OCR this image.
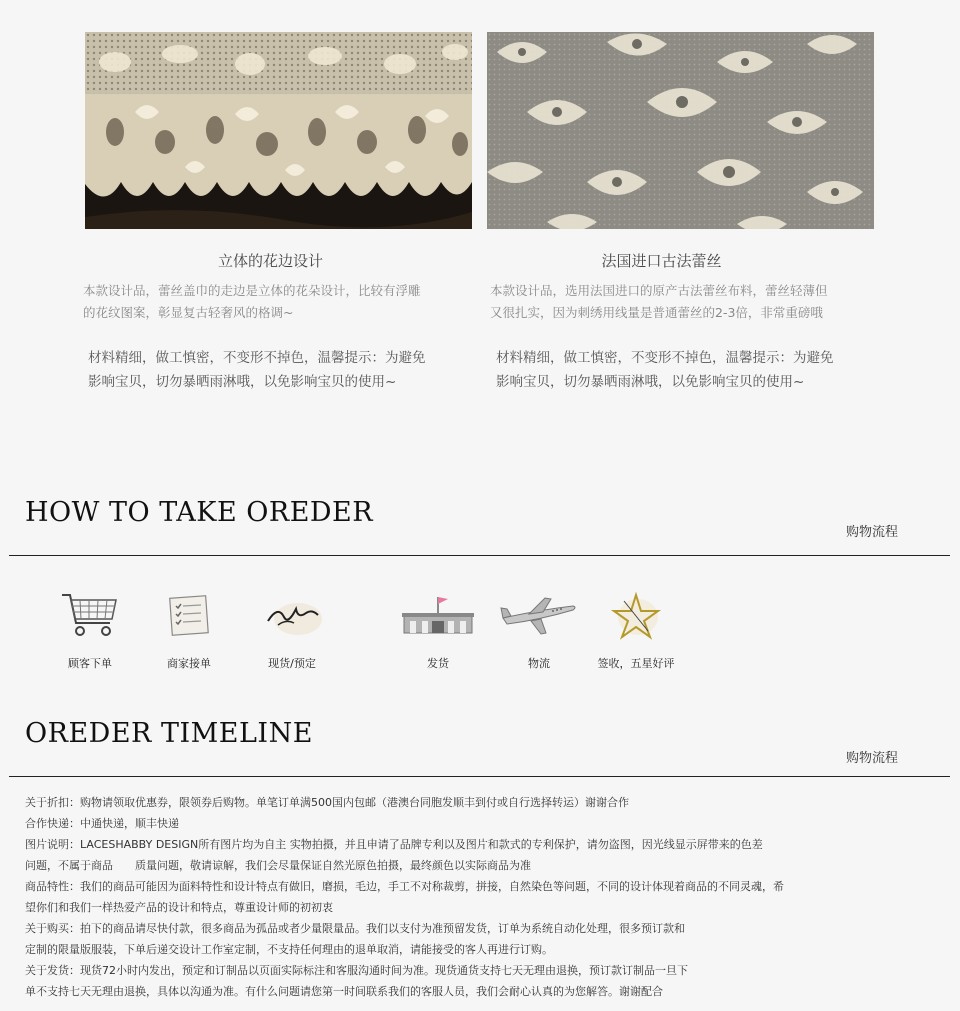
立体的花边设计	法国进口古法蕾丝
本款设计品，蕾丝盖巾的走边是立体的花朵设计，比较有浮雕
的花纹图案，彰显复古轻奢风的格调~
本款设计品，选用法国进口的原产古法蕾丝布料，蕾丝轻薄但
又很扎实，因为刺绣用线量是普通蕾丝的2-3倍，非常重磅哦
材料精细，做工慎密，不变形不掉色，温馨提示：为避免
影响宝贝，切勿暴晒雨淋哦，以免影响宝贝的使用~
材料精细，做工慎密，不变形不掉色，温馨提示：为避免
影响宝贝，切勿暴晒雨淋哦，以免影响宝贝的使用~
HOW TO TAKE OREDER
购物流程
顾客下单	商家接单	现货/预定	发货	物流	签收，五星好评
OREDER TIMELINE
购物流程

关于折扣：购物请领取优惠券，限领券后购物。单笔订单满500国内包邮（港澳台同胞发顺丰到付或自行选择转运）谢谢合作

合作快递：中通快递，顺丰快递

图片说明：LACESHABBY DESIGN所有图片均为自主 实物拍摄，并且申请了品牌专利以及图片和款式的专利保护，请勿盗图，因光线显示屏带来的色差

问题，不属于商品　　质量问题，敬请谅解，我们会尽量保证自然光原色拍摄，最终颜色以实际商品为准

商品特性：我们的商品可能因为面料特性和设计特点有做旧，磨损，毛边，手工不对称裁剪，拼接，自然染色等问题，不同的设计体现着商品的不同灵魂，希

望你们和我们一样热爱产品的设计和特点，尊重设计师的初初衷

关于购买：拍下的商品请尽快付款，很多商品为孤品或者少量限量品。我们以支付为准预留发货，订单为系统自动化处理，很多预订款和

定制的限量版服装，下单后递交设计工作室定制，不支持任何理由的退单取消，请能接受的客人再进行订购。

关于发货：现货72小时内发出，预定和订制品以页面实际标注和客服沟通时间为准。现货通货支持七天无理由退换，预订款订制品一旦下

单不支持七天无理由退换，具体以沟通为准。有什么问题请您第一时间联系我们的客服人员，我们会耐心认真的为您解答。谢谢配合
